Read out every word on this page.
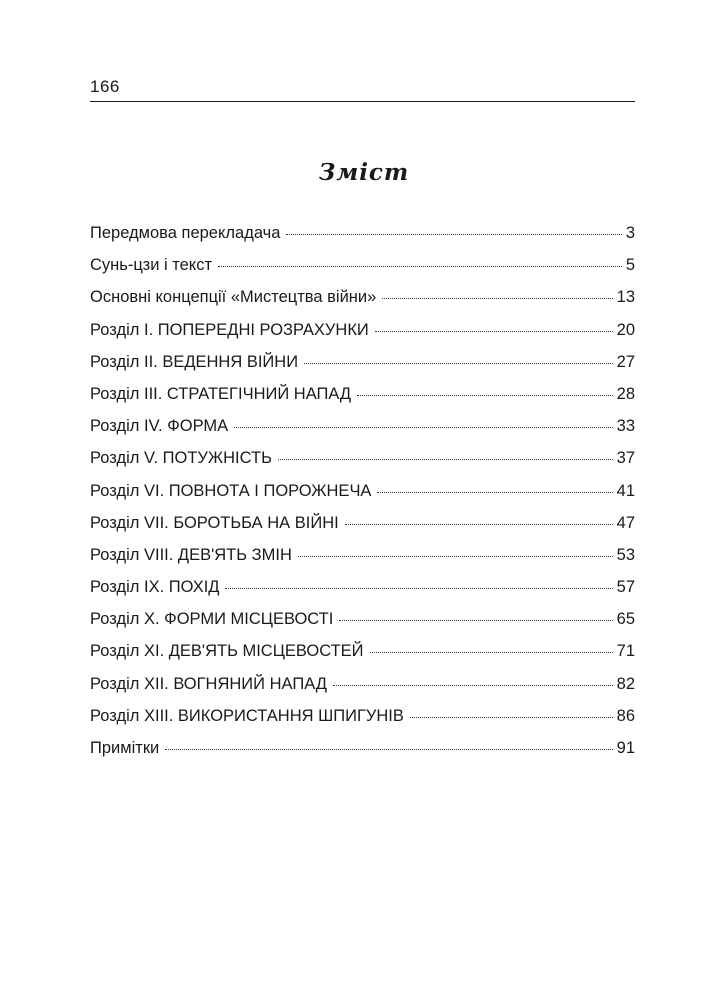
166
Зміст
Передмова перекладача	3
Сунь-цзи і текст	5
Основні концепції «Мистецтва війни»	13
Розділ I. ПОПЕРЕДНІ РОЗРАХУНКИ	20
Розділ II. ВЕДЕННЯ ВІЙНИ	27
Розділ III. СТРАТЕГІЧНИЙ НАПАД	28
Розділ IV. ФОРМА	33
Розділ V. ПОТУЖНІСТЬ	37
Розділ VI. ПОВНОТА І ПОРОЖНЕЧА	41
Розділ VII. БОРОТЬБА НА ВІЙНІ	47
Розділ VIII. ДЕВ'ЯТЬ ЗМІН	53
Розділ IX. ПОХІД	57
Розділ X. ФОРМИ МІСЦЕВОСТІ	65
Розділ XI. ДЕВ'ЯТЬ МІСЦЕВОСТЕЙ	71
Розділ XII. ВОГНЯНИЙ НАПАД	82
Розділ XIII. ВИКОРИСТАННЯ ШПИГУНІВ	86
Примітки	91
